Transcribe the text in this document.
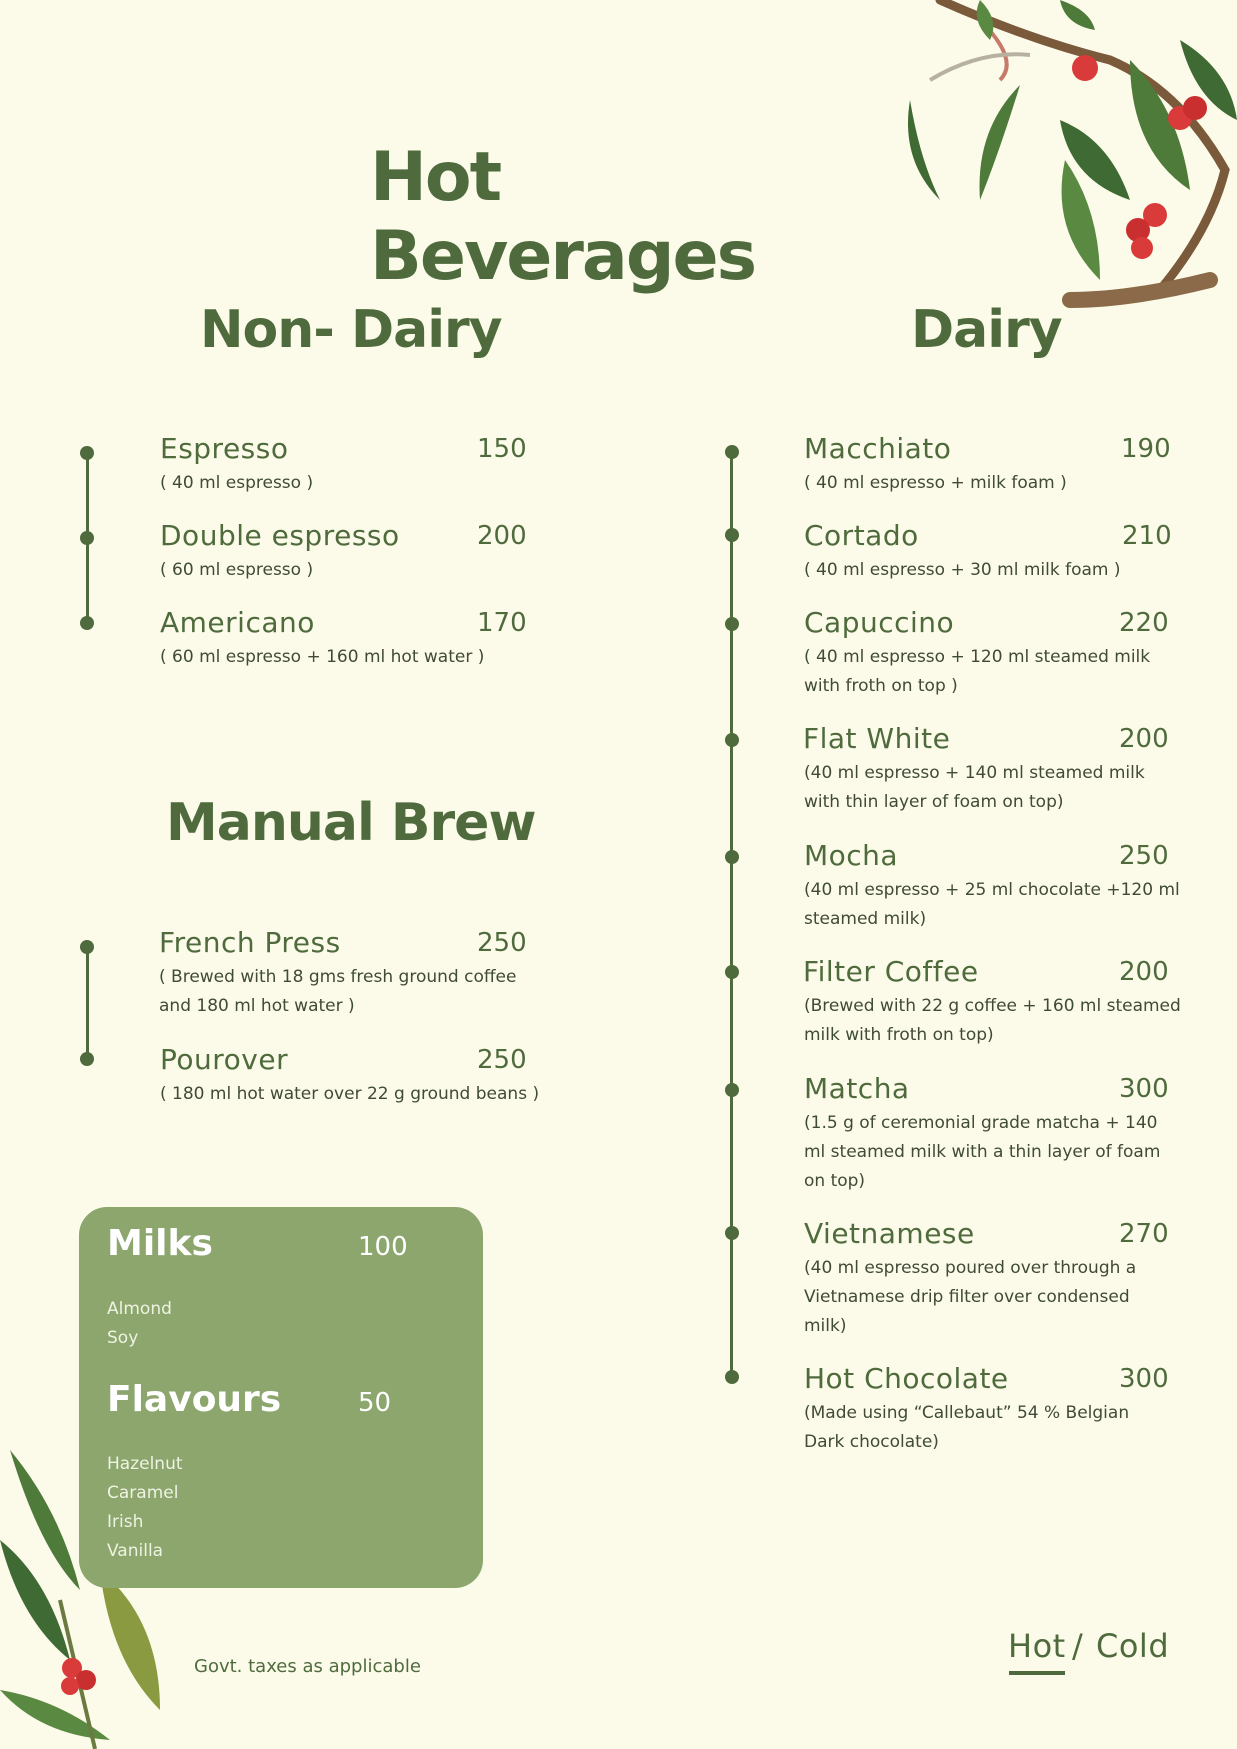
Hot Beverages
Non- Dairy
Espresso	150
( 40 ml espresso )
Double espresso	200
( 60 ml espresso )
Americano	170
( 60 ml espresso + 160 ml hot water )
Manual Brew
French Press	250
( Brewed with 18 gms fresh ground coffee
and 180 ml hot water )
Pourover	250
( 180 ml hot water over 22 g ground beans )
Milks	100
Almond
Soy
Flavours	50
Hazelnut
Caramel
Irish
Vanilla
Dairy
Macchiato	190
( 40 ml espresso + milk foam )
Cortado	210
( 40 ml espresso + 30 ml milk foam )
Capuccino	220
( 40 ml espresso + 120 ml steamed milk
with froth on top )
Flat White	200
(40 ml espresso + 140 ml steamed milk
with thin layer of foam on top)
Mocha	250
(40 ml espresso + 25 ml chocolate +120 ml
steamed milk)
Filter Coffee	200
(Brewed with 22 g coffee + 160 ml steamed
milk with froth on top)
Matcha	300
(1.5 g of ceremonial grade matcha + 140
ml steamed milk with a thin layer of foam
on top)
Vietnamese	270
(40 ml espresso poured over through a
Vietnamese drip filter over condensed
milk)
Hot Chocolate	300
(Made using “Callebaut” 54 % Belgian
Dark chocolate)
Govt. taxes as applicable
Hot / Cold
